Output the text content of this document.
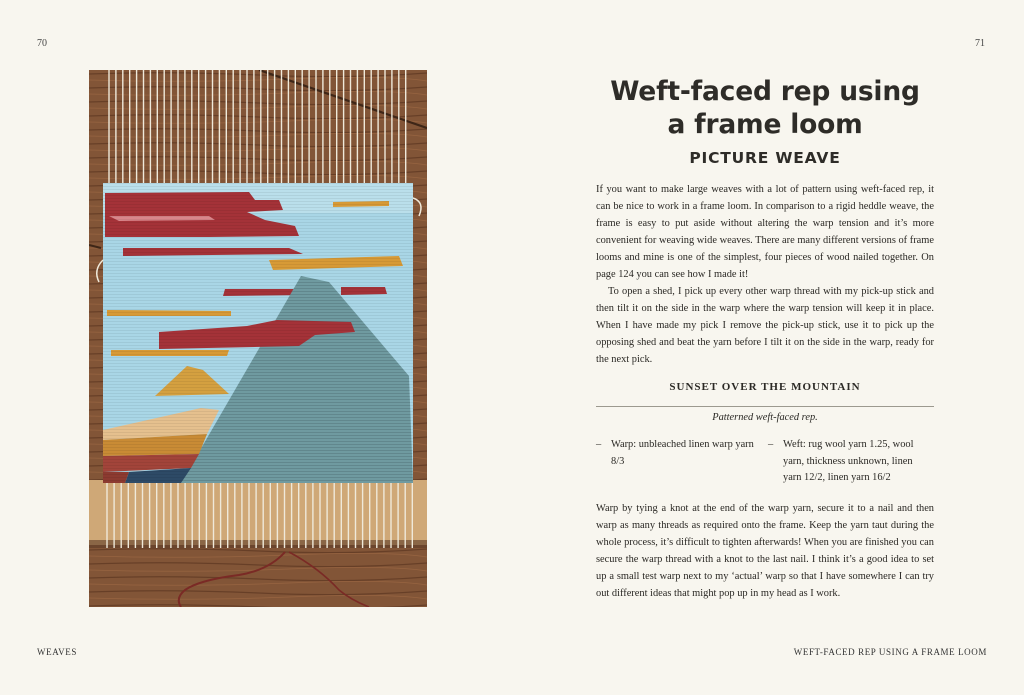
70	71
Weft-faced rep using
a frame loom
PICTURE WEAVE

If you want to make large weaves with a lot of pattern using weft-faced rep, it can be nice to work in a frame loom. In comparison to a rigid heddle weave, the frame is easy to put aside without altering the warp tension and it’s more convenient for weaving wide weaves. There are many different versions of frame looms and mine is one of the simplest, four pieces of wood nailed together. On page 124 you can see how I made it!

To open a shed, I pick up every other warp thread with my pick-up stick and then tilt it on the side in the warp where the warp tension will keep it in place. When I have made my pick I remove the pick-up stick, use it to pick up the opposing shed and beat the yarn before I tilt it on the side in the warp, ready for the next pick.

SUNSET OVER THE MOUNTAIN

Patterned weft-faced rep.

– Warp: unbleached linen warp yarn 8/3
– Weft: rug wool yarn 1.25, wool yarn, thickness unknown, linen yarn 12/2, linen yarn 16/2

Warp by tying a knot at the end of the warp yarn, secure it to a nail and then warp as many threads as required onto the frame. Keep the yarn taut during the whole process, it’s difficult to tighten afterwards! When you are finished you can secure the warp thread with a knot to the last nail. I think it’s a good idea to set up a small test warp next to my ‘actual’ warp so that I have somewhere I can try out different ideas that might pop up in my head as I work.

WEAVES	WEFT-FACED REP USING A FRAME LOOM
